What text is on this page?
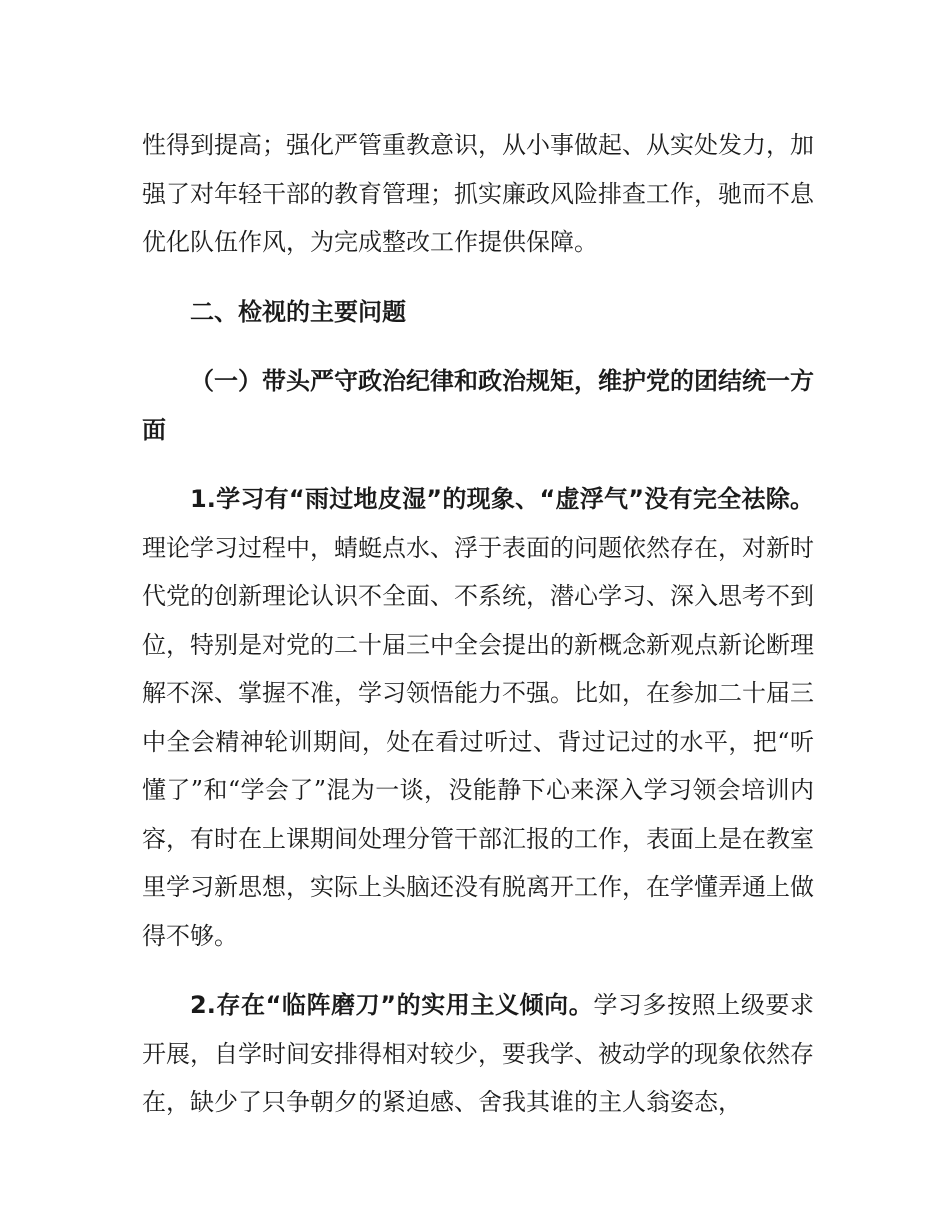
性得到提高；强化严管重教意识，从小事做起、从实处发力，加强了对年轻干部的教育管理；抓实廉政风险排查工作，驰而不息优化队伍作风，为完成整改工作提供保障。

二、检视的主要问题

（一）带头严守政治纪律和政治规矩，维护党的团结统一方面

1.学习有“雨过地皮湿”的现象、“虚浮气”没有完全祛除。理论学习过程中，蜻蜓点水、浮于表面的问题依然存在，对新时代党的创新理论认识不全面、不系统，潜心学习、深入思考不到位，特别是对党的二十届三中全会提出的新概念新观点新论断理解不深、掌握不准，学习领悟能力不强。比如，在参加二十届三中全会精神轮训期间，处在看过听过、背过记过的水平，把“听懂了”和“学会了”混为一谈，没能静下心来深入学习领会培训内容，有时在上课期间处理分管干部汇报的工作，表面上是在教室里学习新思想，实际上头脑还没有脱离开工作，在学懂弄通上做得不够。

2.存在“临阵磨刀”的实用主义倾向。学习多按照上级要求开展，自学时间安排得相对较少，要我学、被动学的现象依然存在，缺少了只争朝夕的紧迫感、舍我其谁的主人翁姿态，
